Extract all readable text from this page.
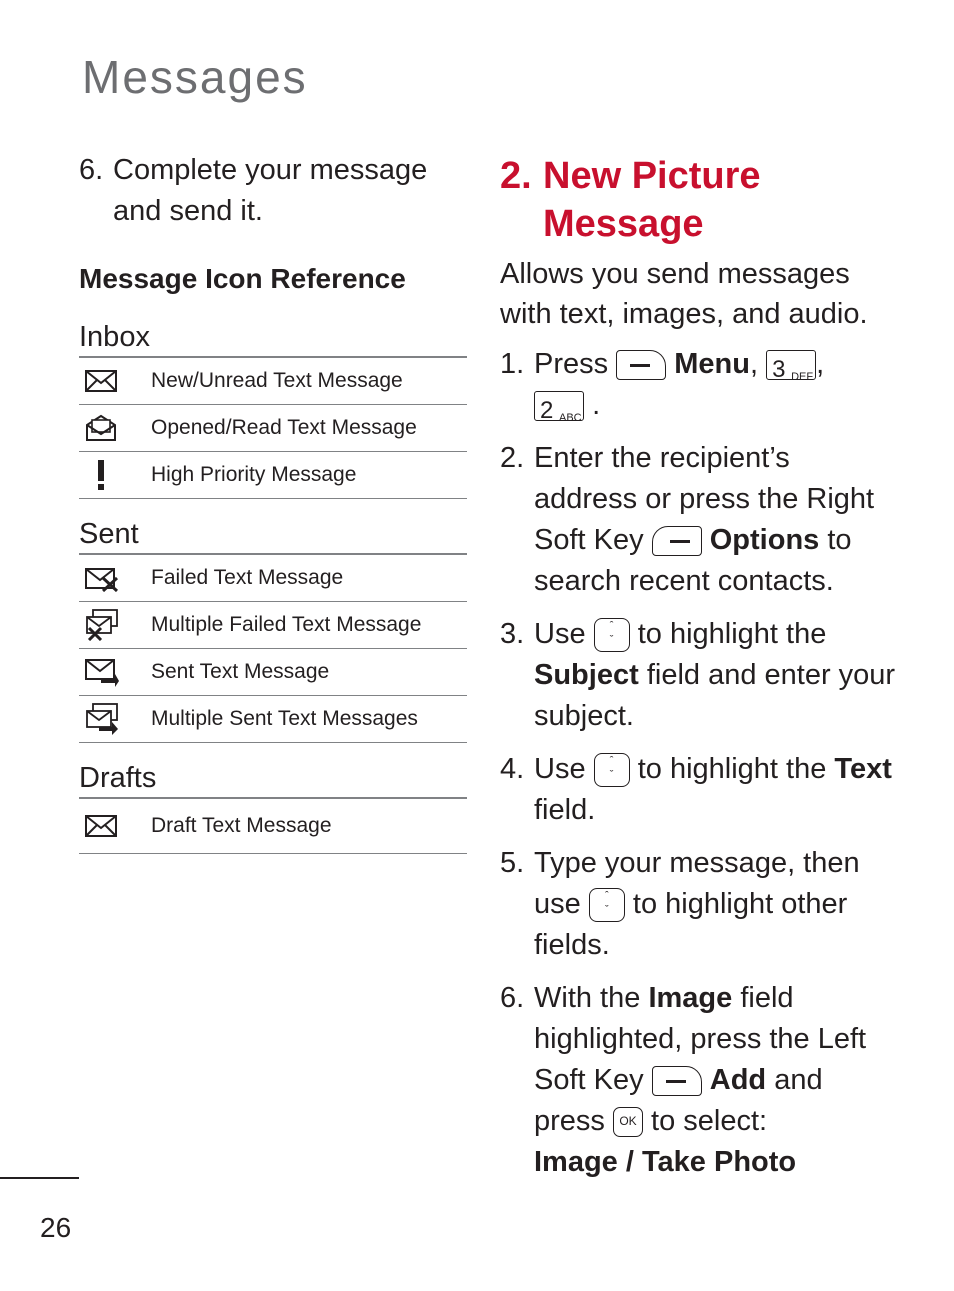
Messages
6. Complete your message and send it.
Message Icon Reference
Inbox
New/Unread Text Message
Opened/Read Text Message
High Priority Message
Sent
Failed Text Message
Multiple Failed Text Message
Sent Text Message
Multiple Sent Text Messages
Drafts
Draft Text Message
2. New Picture Message
Allows you send messages with text, images, and audio.
1. Press Menu, 3 DEF ,

2 ABC .
2. Enter the recipient’s address or press the Right Soft Key Options to search recent contacts.
3. Use ˆ
ˇ to highlight the Subject field and enter your subject.
4. Use ˆ
ˇ to highlight the Text field.
5. Type your message, then use ˆ
ˇ to highlight other fields.
6. With the Image field highlighted, press the Left Soft Key Add and press OK to select:
Image / Take Photo
26
